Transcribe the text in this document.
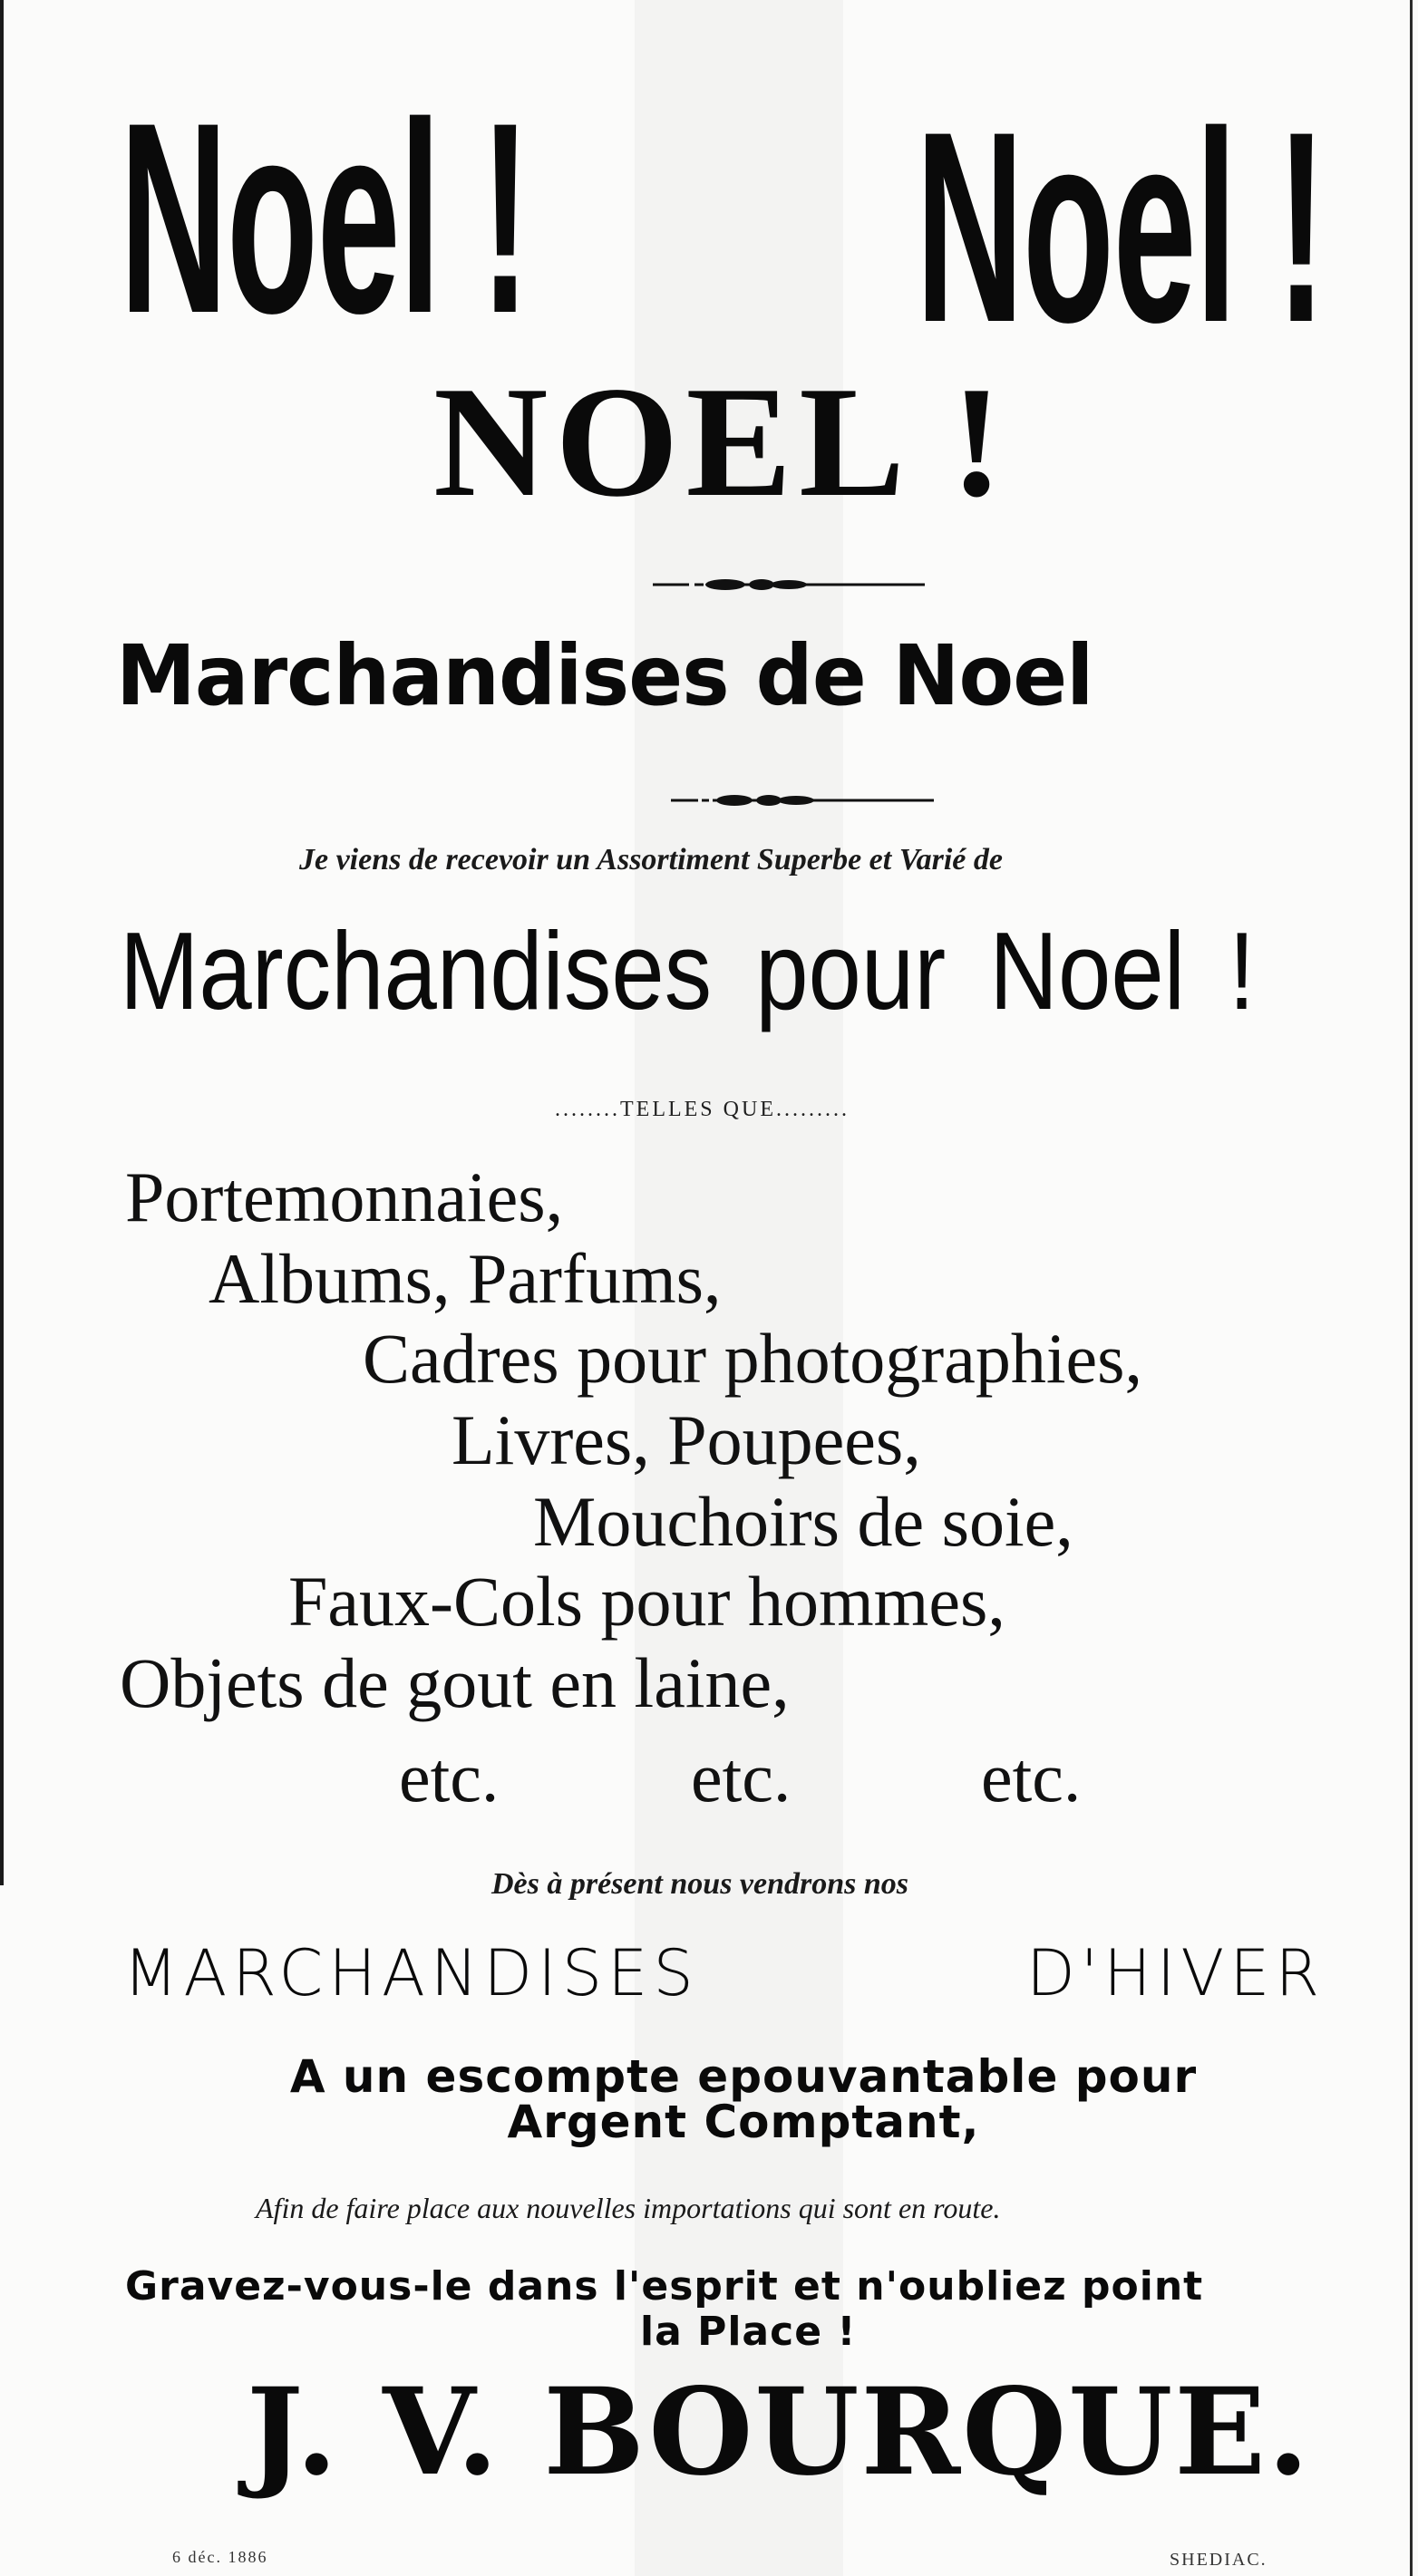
Noel ! Noel !
NOEL !
Marchandises de Noel
Je viens de recevoir un Assortiment Superbe et Varié de
Marchandises pour Noel !
........TELLES QUE.........
Portemonnaies,
Albums, Parfums,
Cadres pour photographies,
Livres, Poupees,
Mouchoirs de soie,
Faux-Cols pour hommes,
Objets de gout en laine,
etc.	etc.	etc.
Dès à présent nous vendrons nos
MARCHANDISES	D'HIVER
A un escompte epouvantable pour
Argent Comptant,
Afin de faire place aux nouvelles importations qui sont en route.
Gravez-vous-le dans l'esprit et n'oubliez point
la Place !
J. V. BOURQUE.
6 déc. 1886	SHEDIAC.
